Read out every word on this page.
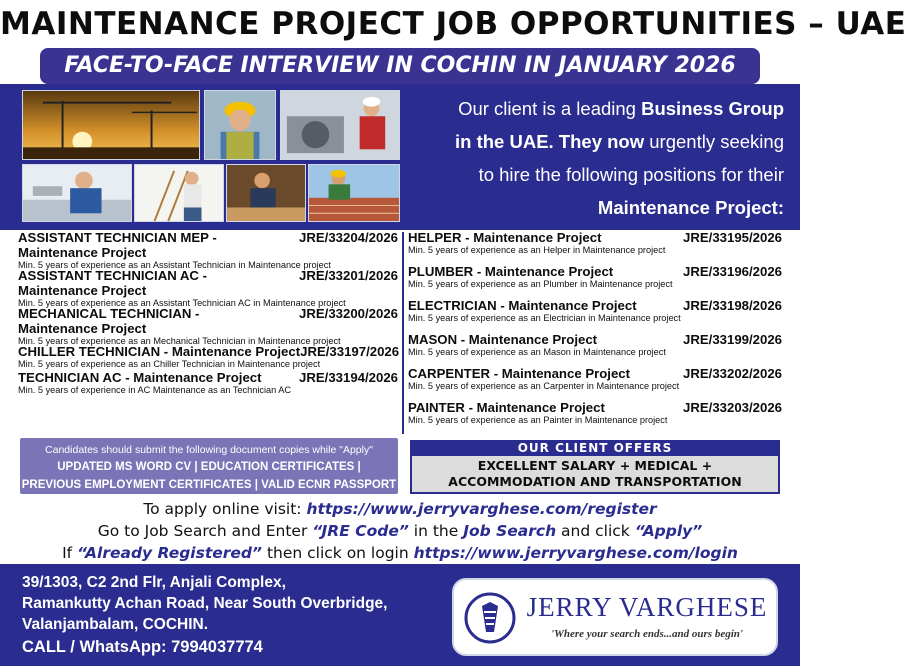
MAINTENANCE PROJECT JOB OPPORTUNITIES – UAE
FACE-TO-FACE INTERVIEW IN COCHIN IN JANUARY 2026
Our client is a leading Business Group
in the UAE. They now urgently seeking
to hire the following positions for their
Maintenance Project:
ASSISTANT TECHNICIAN MEP -
Maintenance Project
JRE/33204/2026
Min. 5 years of experience as an Assistant Technician in Maintenance project
ASSISTANT TECHNICIAN AC -
Maintenance Project
JRE/33201/2026
Min. 5 years of experience as an Assistant Technician AC in Maintenance project
MECHANICAL TECHNICIAN -
Maintenance Project
JRE/33200/2026
Min. 5 years of experience as an Mechanical Technician in Maintenance project
CHILLER TECHNICIAN - Maintenance Project JRE/33197/2026
Min. 5 years of experience as an Chiller Technician in Maintenance project
TECHNICIAN AC - Maintenance Project	JRE/33194/2026
Min. 5 years of experience in AC Maintenance as an Technician AC
HELPER - Maintenance Project	JRE/33195/2026
Min. 5 years of experience as an Helper in Maintenance project
PLUMBER - Maintenance Project	JRE/33196/2026
Min. 5 years of experience as an Plumber in Maintenance project
ELECTRICIAN - Maintenance Project	JRE/33198/2026
Min. 5 years of experience as an Electrician in Maintenance project
MASON - Maintenance Project	JRE/33199/2026
Min. 5 years of experience as an Mason in Maintenance project
CARPENTER - Maintenance Project	JRE/33202/2026
Min. 5 years of experience as an Carpenter in Maintenance project
PAINTER - Maintenance Project	JRE/33203/2026
Min. 5 years of experience as an Painter in Maintenance project
Candidates should submit the following document copies while "Apply"
UPDATED MS WORD CV | EDUCATION CERTIFICATES |
PREVIOUS EMPLOYMENT CERTIFICATES | VALID ECNR PASSPORT
OUR CLIENT OFFERS
EXCELLENT SALARY + MEDICAL +
ACCOMMODATION AND TRANSPORTATION
To apply online visit: https://www.jerryvarghese.com/register
Go to Job Search and Enter “JRE Code” in the Job Search and click “Apply”
If “Already Registered” then click on login https://www.jerryvarghese.com/login
39/1303, C2 2nd Flr, Anjali Complex,
Ramankutty Achan Road, Near South Overbridge,
Valanjambalam, COCHIN.
CALL / WhatsApp: 7994037774
JERRY VARGHESE
'Where your search ends...and ours begin'
